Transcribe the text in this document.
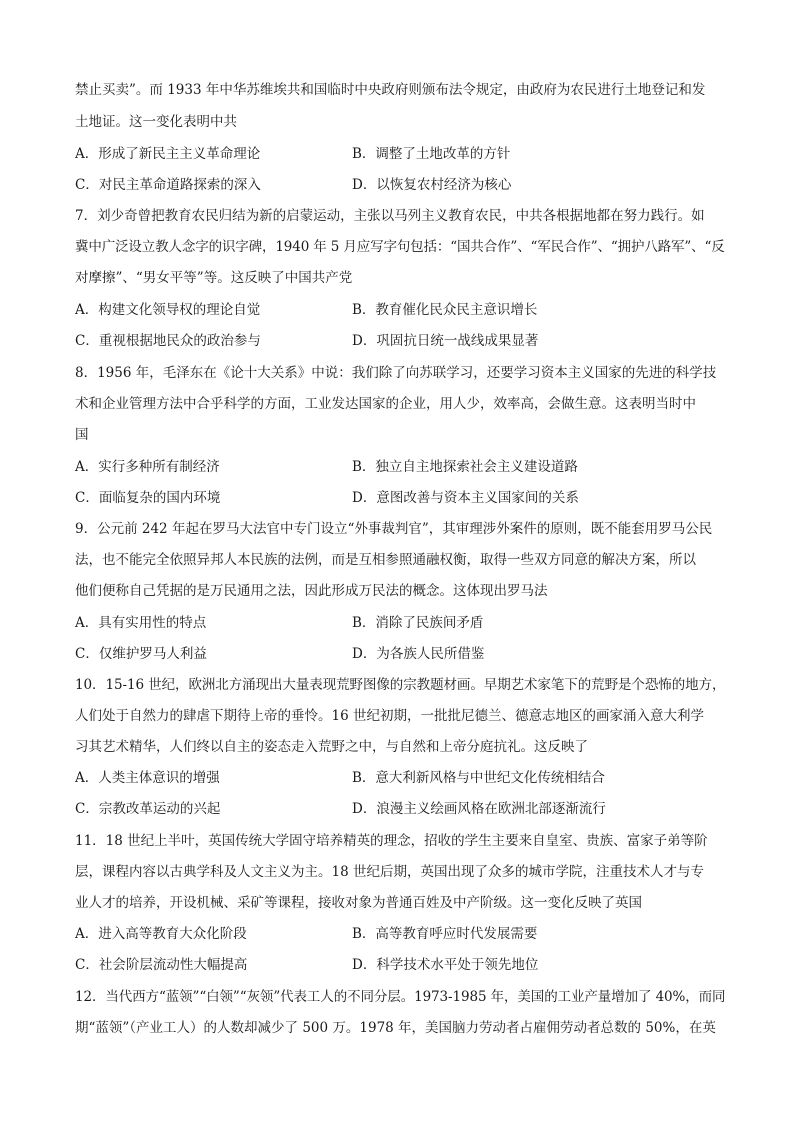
禁止买卖”。而 1933 年中华苏维埃共和国临时中央政府则颁布法令规定，由政府为农民进行土地登记和发
土地证。这一变化表明中共
A．形成了新民主主义革命理论	B．调整了土地改革的方针
C．对民主革命道路探索的深入	D．以恢复农村经济为核心
7．刘少奇曾把教育农民归结为新的启蒙运动，主张以马列主义教育农民，中共各根据地都在努力践行。如
冀中广泛设立教人念字的识字碑，1940 年 5 月应写字句包括：“国共合作”、“军民合作”、“拥护八路军”、“反
对摩擦”、“男女平等”等。这反映了中国共产党
A．构建文化领导权的理论自觉	B．教育催化民众民主意识增长
C．重视根据地民众的政治参与	D．巩固抗日统一战线成果显著
8．1956 年，毛泽东在《论十大关系》中说：我们除了向苏联学习，还要学习资本主义国家的先进的科学技
术和企业管理方法中合乎科学的方面，工业发达国家的企业，用人少，效率高，会做生意。这表明当时中
国
A．实行多种所有制经济	B．独立自主地探索社会主义建设道路
C．面临复杂的国内环境	D．意图改善与资本主义国家间的关系
9．公元前 242 年起在罗马大法官中专门设立“外事裁判官”，其审理涉外案件的原则，既不能套用罗马公民
法，也不能完全依照异邦人本民族的法例，而是互相参照通融权衡，取得一些双方同意的解决方案，所以
他们便称自己凭据的是万民通用之法，因此形成万民法的概念。这体现出罗马法
A．具有实用性的特点	B．消除了民族间矛盾
C．仅维护罗马人利益	D．为各族人民所借鉴
10．15-16 世纪，欧洲北方涌现出大量表现荒野图像的宗教题材画。早期艺术家笔下的荒野是个恐怖的地方，
人们处于自然力的肆虐下期待上帝的垂怜。16 世纪初期，一批批尼德兰、德意志地区的画家涌入意大利学
习其艺术精华，人们终以自主的姿态走入荒野之中，与自然和上帝分庭抗礼。这反映了
A．人类主体意识的增强	B．意大利新风格与中世纪文化传统相结合
C．宗教改革运动的兴起	D．浪漫主义绘画风格在欧洲北部逐渐流行
11．18 世纪上半叶，英国传统大学固守培养精英的理念，招收的学生主要来自皇室、贵族、富家子弟等阶
层，课程内容以古典学科及人文主义为主。18 世纪后期，英国出现了众多的城市学院，注重技术人才与专
业人才的培养，开设机械、采矿等课程，接收对象为普通百姓及中产阶级。这一变化反映了英国
A．进入高等教育大众化阶段	B．高等教育呼应时代发展需要
C．社会阶层流动性大幅提高	D．科学技术水平处于领先地位
12．当代西方“蓝领”“白领”“灰领”代表工人的不同分层。1973-1985 年，美国的工业产量增加了 40%，而同
期“蓝领”（产业工人）的人数却减少了 500 万。1978 年，美国脑力劳动者占雇佣劳动者总数的 50%，在英
